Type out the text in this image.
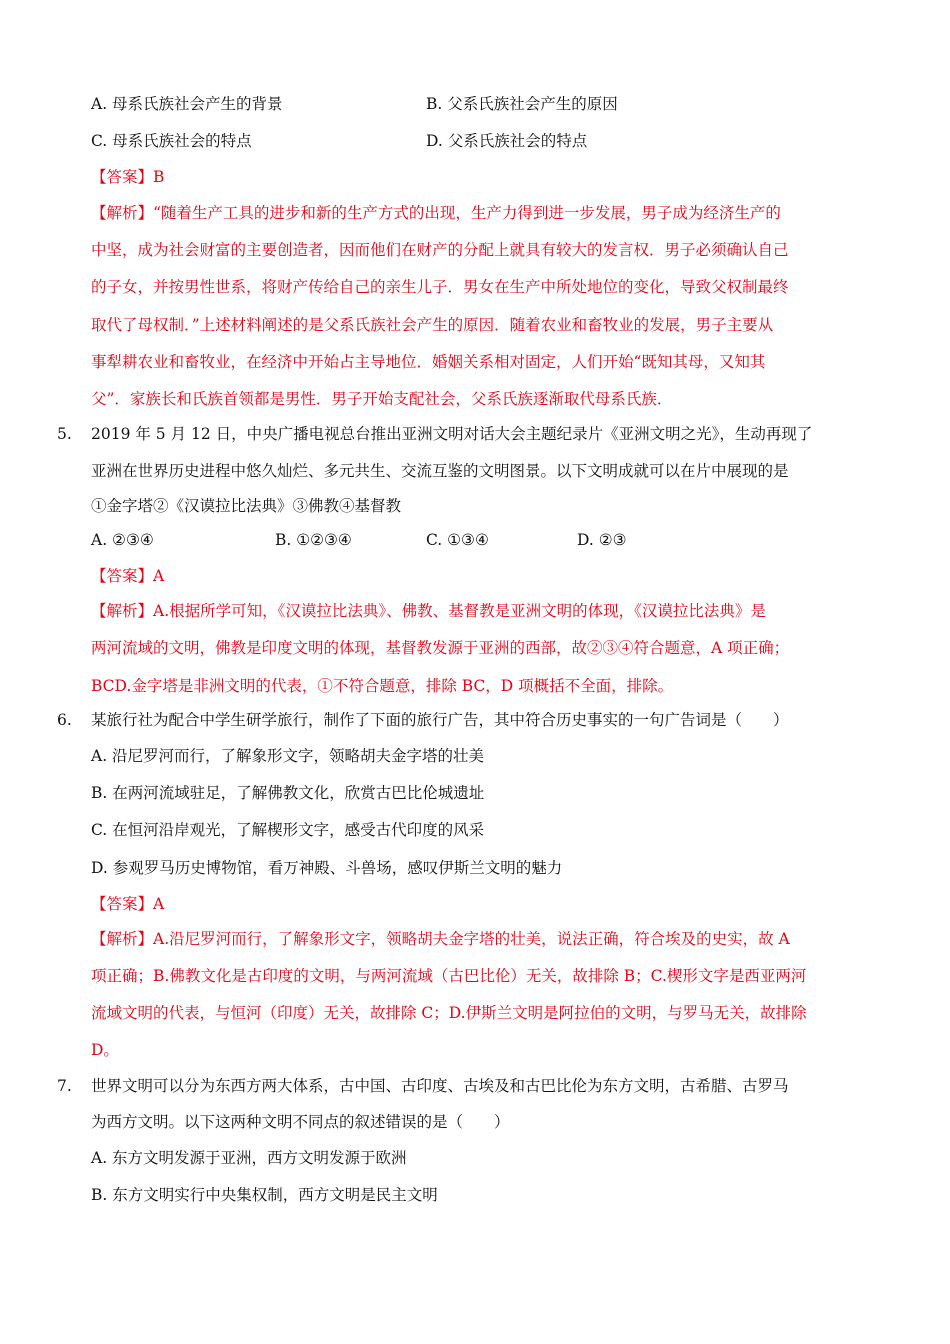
A. 母系氏族社会产生的背景	B. 父系氏族社会产生的原因
C. 母系氏族社会的特点	D. 父系氏族社会的特点
【答案】B
【解析】“随着生产工具的进步和新的生产方式的出现，生产力得到进一步发展，男子成为经济生产的
中坚，成为社会财富的主要创造者，因而他们在财产的分配上就具有较大的发言权．男子必须确认自己
的子女，并按男性世系，将财产传给自己的亲生儿子．男女在生产中所处地位的变化，导致父权制最终
取代了母权制．”上述材料阐述的是父系氏族社会产生的原因．随着农业和畜牧业的发展，男子主要从
事犁耕农业和畜牧业，在经济中开始占主导地位．婚姻关系相对固定，人们开始“既知其母，又知其
父”．家族长和氏族首领都是男性．男子开始支配社会，父系氏族逐渐取代母系氏族．
5. 2019 年 5 月 12 日，中央广播电视总台推出亚洲文明对话大会主题纪录片《亚洲文明之光》，生动再现了
亚洲在世界历史进程中悠久灿烂、多元共生、交流互鉴的文明图景。以下文明成就可以在片中展现的是
①金字塔②《汉谟拉比法典》③佛教④基督教
A. ②③④	B. ①②③④	C. ①③④	D. ②③
【答案】A
【解析】A.根据所学可知，《汉谟拉比法典》、佛教、基督教是亚洲文明的体现，《汉谟拉比法典》是
两河流域的文明，佛教是印度文明的体现，基督教发源于亚洲的西部，故②③④符合题意，A 项正确；
BCD.金字塔是非洲文明的代表，①不符合题意，排除 BC，D 项概括不全面，排除。
6. 某旅行社为配合中学生研学旅行，制作了下面的旅行广告，其中符合历史事实的一句广告词是（　　）
A. 沿尼罗河而行，了解象形文字，领略胡夫金字塔的壮美
B. 在两河流域驻足，了解佛教文化，欣赏古巴比伦城遗址
C. 在恒河沿岸观光，了解楔形文字，感受古代印度的风采
D. 参观罗马历史博物馆，看万神殿、斗兽场，感叹伊斯兰文明的魅力
【答案】A
【解析】A.沿尼罗河而行，了解象形文字，领略胡夫金字塔的壮美，说法正确，符合埃及的史实，故 A
项正确；B.佛教文化是古印度的文明，与两河流域（古巴比伦）无关，故排除 B；C.楔形文字是西亚两河
流域文明的代表，与恒河（印度）无关，故排除 C；D.伊斯兰文明是阿拉伯的文明，与罗马无关，故排除
D。
7. 世界文明可以分为东西方两大体系，古中国、古印度、古埃及和古巴比伦为东方文明，古希腊、古罗马
为西方文明。以下这两种文明不同点的叙述错误的是（　　）
A. 东方文明发源于亚洲，西方文明发源于欧洲
B. 东方文明实行中央集权制，西方文明是民主文明
